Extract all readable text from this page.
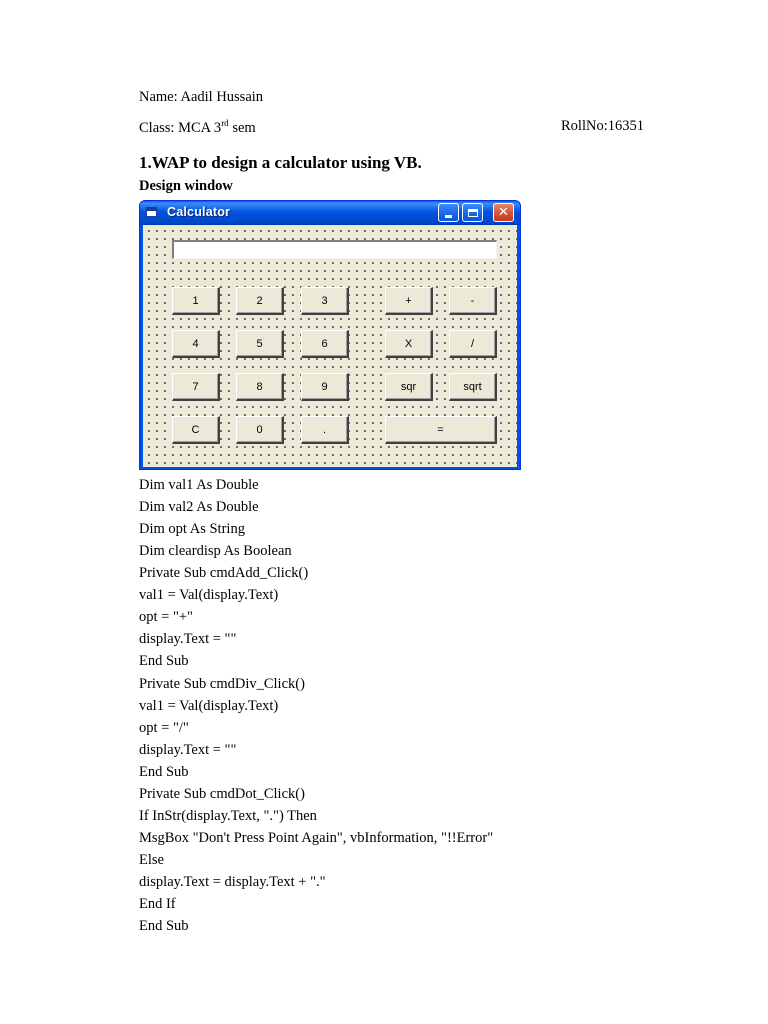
Name: Aadil Hussain
Class: MCA 3rd sem	RollNo:16351
1.WAP to design a calculator using VB.
Design window
Calculator	✕
1	2	3	+	-
4	5	6	X	/
7	8	9	sqr	sqrt
C	0	.	=
Dim val1 As Double
Dim val2 As Double
Dim opt As String
Dim cleardisp As Boolean
Private Sub cmdAdd_Click()
val1 = Val(display.Text)
opt = "+"
display.Text = ""
End Sub
Private Sub cmdDiv_Click()
val1 = Val(display.Text)
opt = "/"
display.Text = ""
End Sub
Private Sub cmdDot_Click()
If InStr(display.Text, ".") Then
MsgBox "Don't Press Point Again", vbInformation, "!!Error"
Else
display.Text = display.Text + "."
End If
End Sub
